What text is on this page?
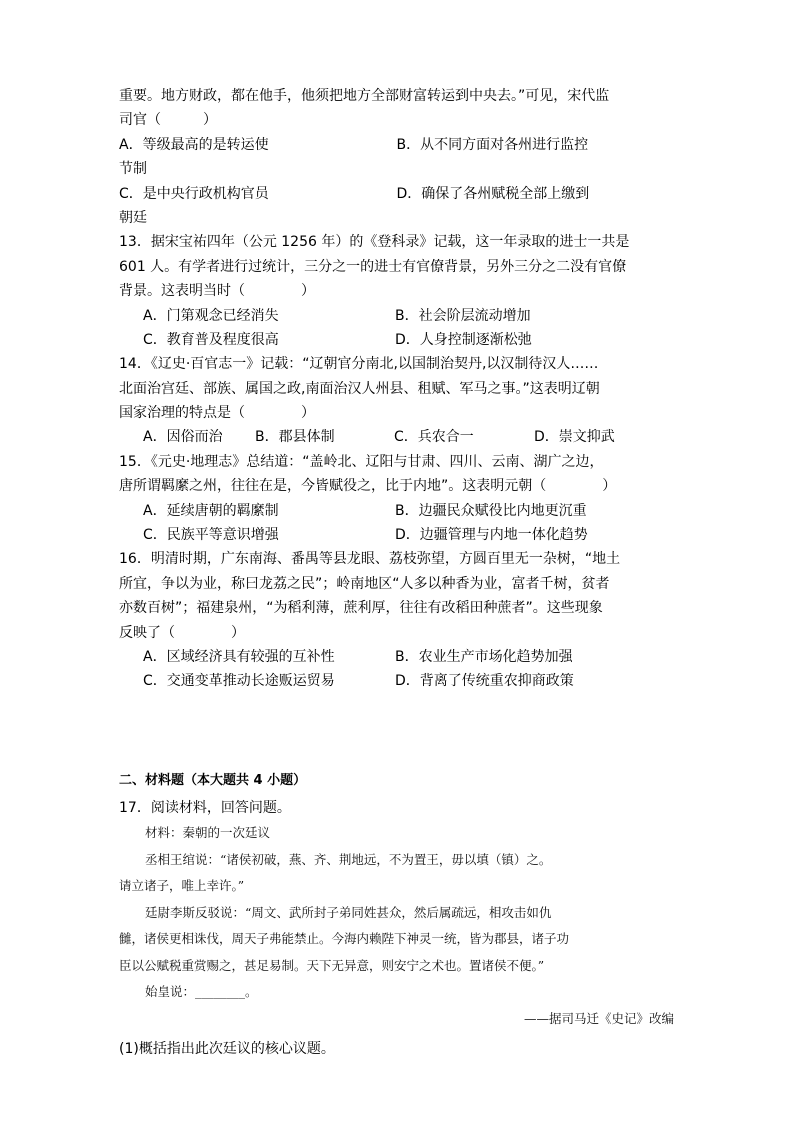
重要。地方财政，都在他手，他须把地方全部财富转运到中央去。”可见，宋代监
司官（　　　）
A．等级最高的是转运使	B．从不同方面对各州进行监控
节制
C．是中央行政机构官员	D．确保了各州赋税全部上缴到
朝廷
13．据宋宝祐四年（公元 1256 年）的《登科录》记载，这一年录取的进士一共是
601 人。有学者进行过统计，三分之一的进士有官僚背景，另外三分之二没有官僚
背景。这表明当时（　　　　）
A．门第观念已经消失	B．社会阶层流动增加
C．教育普及程度很高	D．人身控制逐渐松弛
14．《辽史·百官志一》记载：“辽朝官分南北,以国制治契丹,以汉制待汉人……
北面治宫廷、部族、属国之政,南面治汉人州县、租赋、军马之事。”这表明辽朝
国家治理的特点是（　　　　）
A．因俗而治	B．郡县体制	C．兵农合一	D．崇文抑武
15．《元史·地理志》总结道：“盖岭北、辽阳与甘肃、四川、云南、湖广之边，
唐所谓羁縻之州，往往在是，今皆赋役之，比于内地”。这表明元朝（　　　　）
A．延续唐朝的羁縻制	B．边疆民众赋役比内地更沉重
C．民族平等意识增强	D．边疆管理与内地一体化趋势
16．明清时期，广东南海、番禺等县龙眼、荔枝弥望，方圆百里无一杂树，“地土
所宜，争以为业，称曰龙荔之民”；岭南地区“人多以种香为业，富者千树，贫者
亦数百树”；福建泉州，“为稻利薄，蔗利厚，往往有改稻田种蔗者”。这些现象
反映了（　　　　）
A．区域经济具有较强的互补性	B．农业生产市场化趋势加强
C．交通变革推动长途贩运贸易	D．背离了传统重农抑商政策
二、材料题（本大题共 4 小题）
17．阅读材料，回答问题。
材料：秦朝的一次廷议
丞相王绾说：“诸侯初破，燕、齐、荆地远，不为置王，毋以填（镇）之。
请立诸子，唯上幸许。”
廷尉李斯反驳说：“周文、武所封子弟同姓甚众，然后属疏远，相攻击如仇
雠，诸侯更相诛伐，周天子弗能禁止。今海内赖陛下神灵一统，皆为郡县，诸子功
臣以公赋税重赏赐之，甚足易制。天下无异意，则安宁之术也。置诸侯不便。”
始皇说：________。
——据司马迁《史记》改编
(1)概括指出此次廷议的核心议题。
